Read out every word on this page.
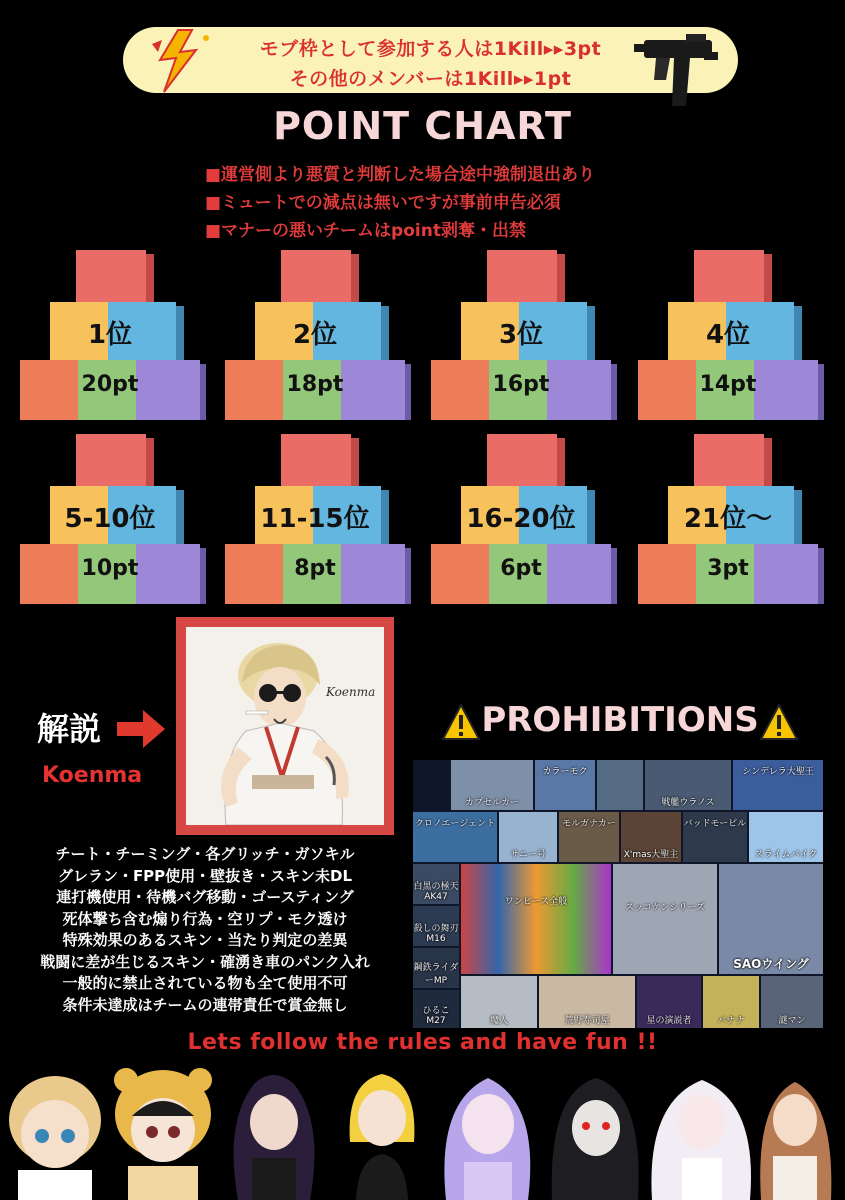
モブ枠として参加する人は1Kill▸▸3pt
その他のメンバーは1Kill▸▸1pt
POINT CHART
■運営側より悪質と判断した場合途中強制退出あり
■ミュートでの減点は無いですが事前申告必須
■マナーの悪いチームはpoint剥奪・出禁
1位
20pt
2位
18pt
3位
16pt
4位
14pt
5-10位
10pt
11-15位
8pt
16-20位
6pt
21位〜
3pt
解説
Koenma
Koenma
PROHIBITIONS
カプセルカー
カラーモク
戦艦ウラノス
シンデレラ大聖王
クロノエージェント
サニー号
モルガナカー
X'mas大聖主
バッドモービル
スライムバイク
白黒の極天AK47
殺しの舞刃M16
ワンピース全般
スッコケンシリーズ
SAOウイング
鋼鉄ライダーMP
ひるこM27	魔人	荒野寿司屋	星の演説者	バナナ	謎マン
チート・チーミング・各グリッチ・ガソキル
グレラン・FPP使用・壁抜き・スキン未DL
連打機使用・待機バグ移動・ゴースティング
死体撃ち含む煽り行為・空リプ・モク透け
特殊効果のあるスキン・当たり判定の差異
戦闘に差が生じるスキン・確湧き車のパンク入れ
一般的に禁止されている物も全て使用不可
条件未達成はチームの連帯責任で賞金無し
Lets follow the rules and have fun !!
